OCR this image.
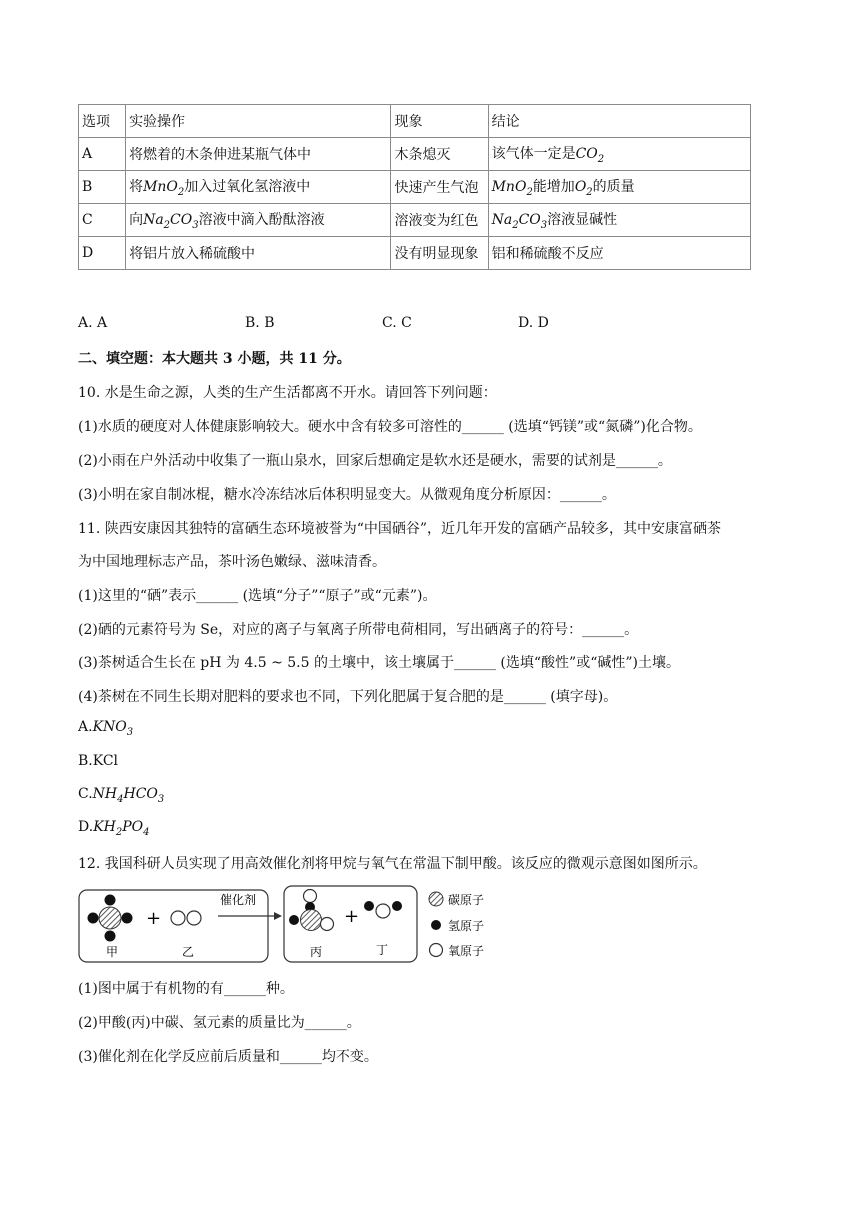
选项	实验操作	现象	结论
A	将燃着的木条伸进某瓶气体中	木条熄灭	该气体一定是$CO_2$
B	将MnO$_2$加入过氧化氢溶液中	快速产生气泡	MnO$_2$能增加$O_2$的质量
C	向$Na_2CO_3$溶液中滴入酚酞溶液	溶液变为红色	$Na_2CO_3$溶液显碱性
D	将铝片放入稀硫酸中	没有明显现象	铝和稀硫酸不反应
A. A	B. B	C. C	D. D
二、填空题：本大题共 3 小题，共 11 分。
10. 水是生命之源，人类的生产生活都离不开水。请回答下列问题：
(1)水质的硬度对人体健康影响较大。硬水中含有较多可溶性的______ (选填“钙镁”或“氮磷”)化合物。
(2)小雨在户外活动中收集了一瓶山泉水，回家后想确定是软水还是硬水，需要的试剂是______。
(3)小明在家自制冰棍，糖水冷冻结冰后体积明显变大。从微观角度分析原因：______。
11. 陕西安康因其独特的富硒生态环境被誉为“中国硒谷”，近几年开发的富硒产品较多，其中安康富硒茶
为中国地理标志产品，茶叶汤色嫩绿、滋味清香。
(1)这里的“硒”表示______ (选填“分子”“原子”或“元素”)。
(2)硒的元素符号为 Se，对应的离子与氧离子所带电荷相同，写出硒离子的符号：______。
(3)茶树适合生长在 pH 为 4.5 ~ 5.5 的土壤中，该土壤属于______ (选填“酸性”或“碱性”)土壤。
(4)茶树在不同生长期对肥料的要求也不同，下列化肥属于复合肥的是______ (填字母)。
$A.KNO_3$
B.KCl
$C.NH_4HCO_3$
$D.KH_2PO_4$
12. 我国科研人员实现了用高效催化剂将甲烷与氧气在常温下制甲酸。该反应的微观示意图如图所示。
甲
+
乙
催化剂
丙
+
丁
碳原子
氢原子
氧原子
(1)图中属于有机物的有______种。
(2)甲酸(丙)中碳、氢元素的质量比为______。
(3)催化剂在化学反应前后质量和______均不变。
